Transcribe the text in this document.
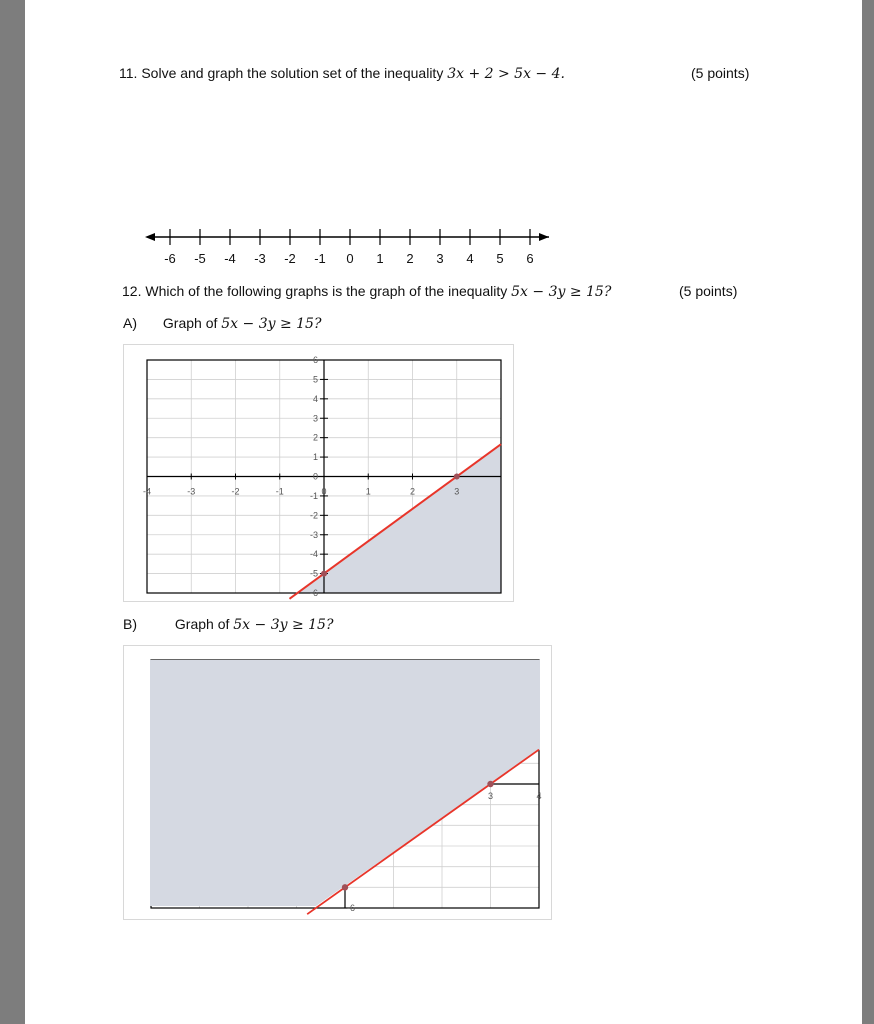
11. Solve and graph the solution set of the inequality 3x + 2 > 5x − 4.	(5 points)
-6 -5 -4 -3 -2 -1 0 1 2 3 4 5 6
12. Which of the following graphs is the graph of the inequality 5x − 3y ≥ 15?	(5 points)
A) Graph of 5x − 3y ≥ 15?
6
5
4
3
2
1
0
-1
-2
-3
-4
-5
-6
-4	-3	-2	-1	0	1	2	3
B)	Graph of 5x − 3y ≥ 15?
3	4
-6
